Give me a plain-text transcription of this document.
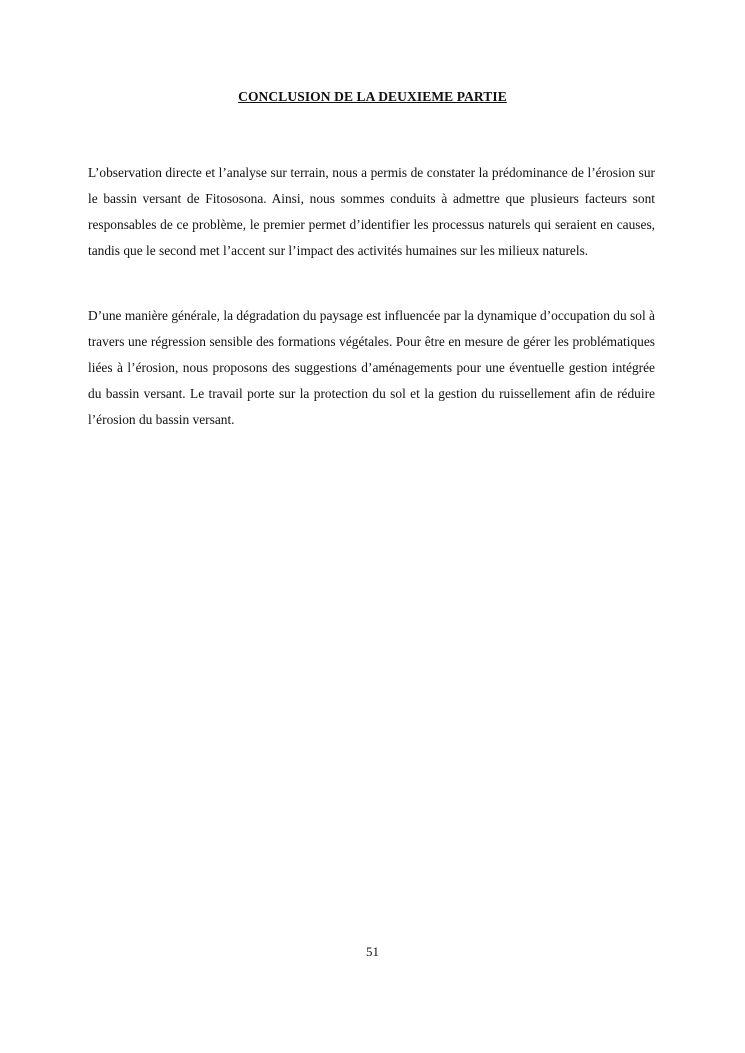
CONCLUSION DE LA DEUXIEME PARTIE

L’observation directe et l’analyse sur terrain, nous a permis de constater la prédominance de l’érosion sur le bassin versant de Fitososona. Ainsi, nous sommes conduits à admettre que plusieurs facteurs sont responsables de ce problème, le premier permet d’identifier les processus naturels qui seraient en causes, tandis que le second met l’accent sur l’impact des activités humaines sur les milieux naturels.

D’une manière générale, la dégradation du paysage est influencée par la dynamique d’occupation du sol à travers une régression sensible des formations végétales. Pour être en mesure de gérer les problématiques liées à l’érosion, nous proposons des suggestions d’aménagements pour une éventuelle gestion intégrée du bassin versant. Le travail porte sur la protection du sol et la gestion du ruissellement afin de réduire l’érosion du bassin versant.

51
